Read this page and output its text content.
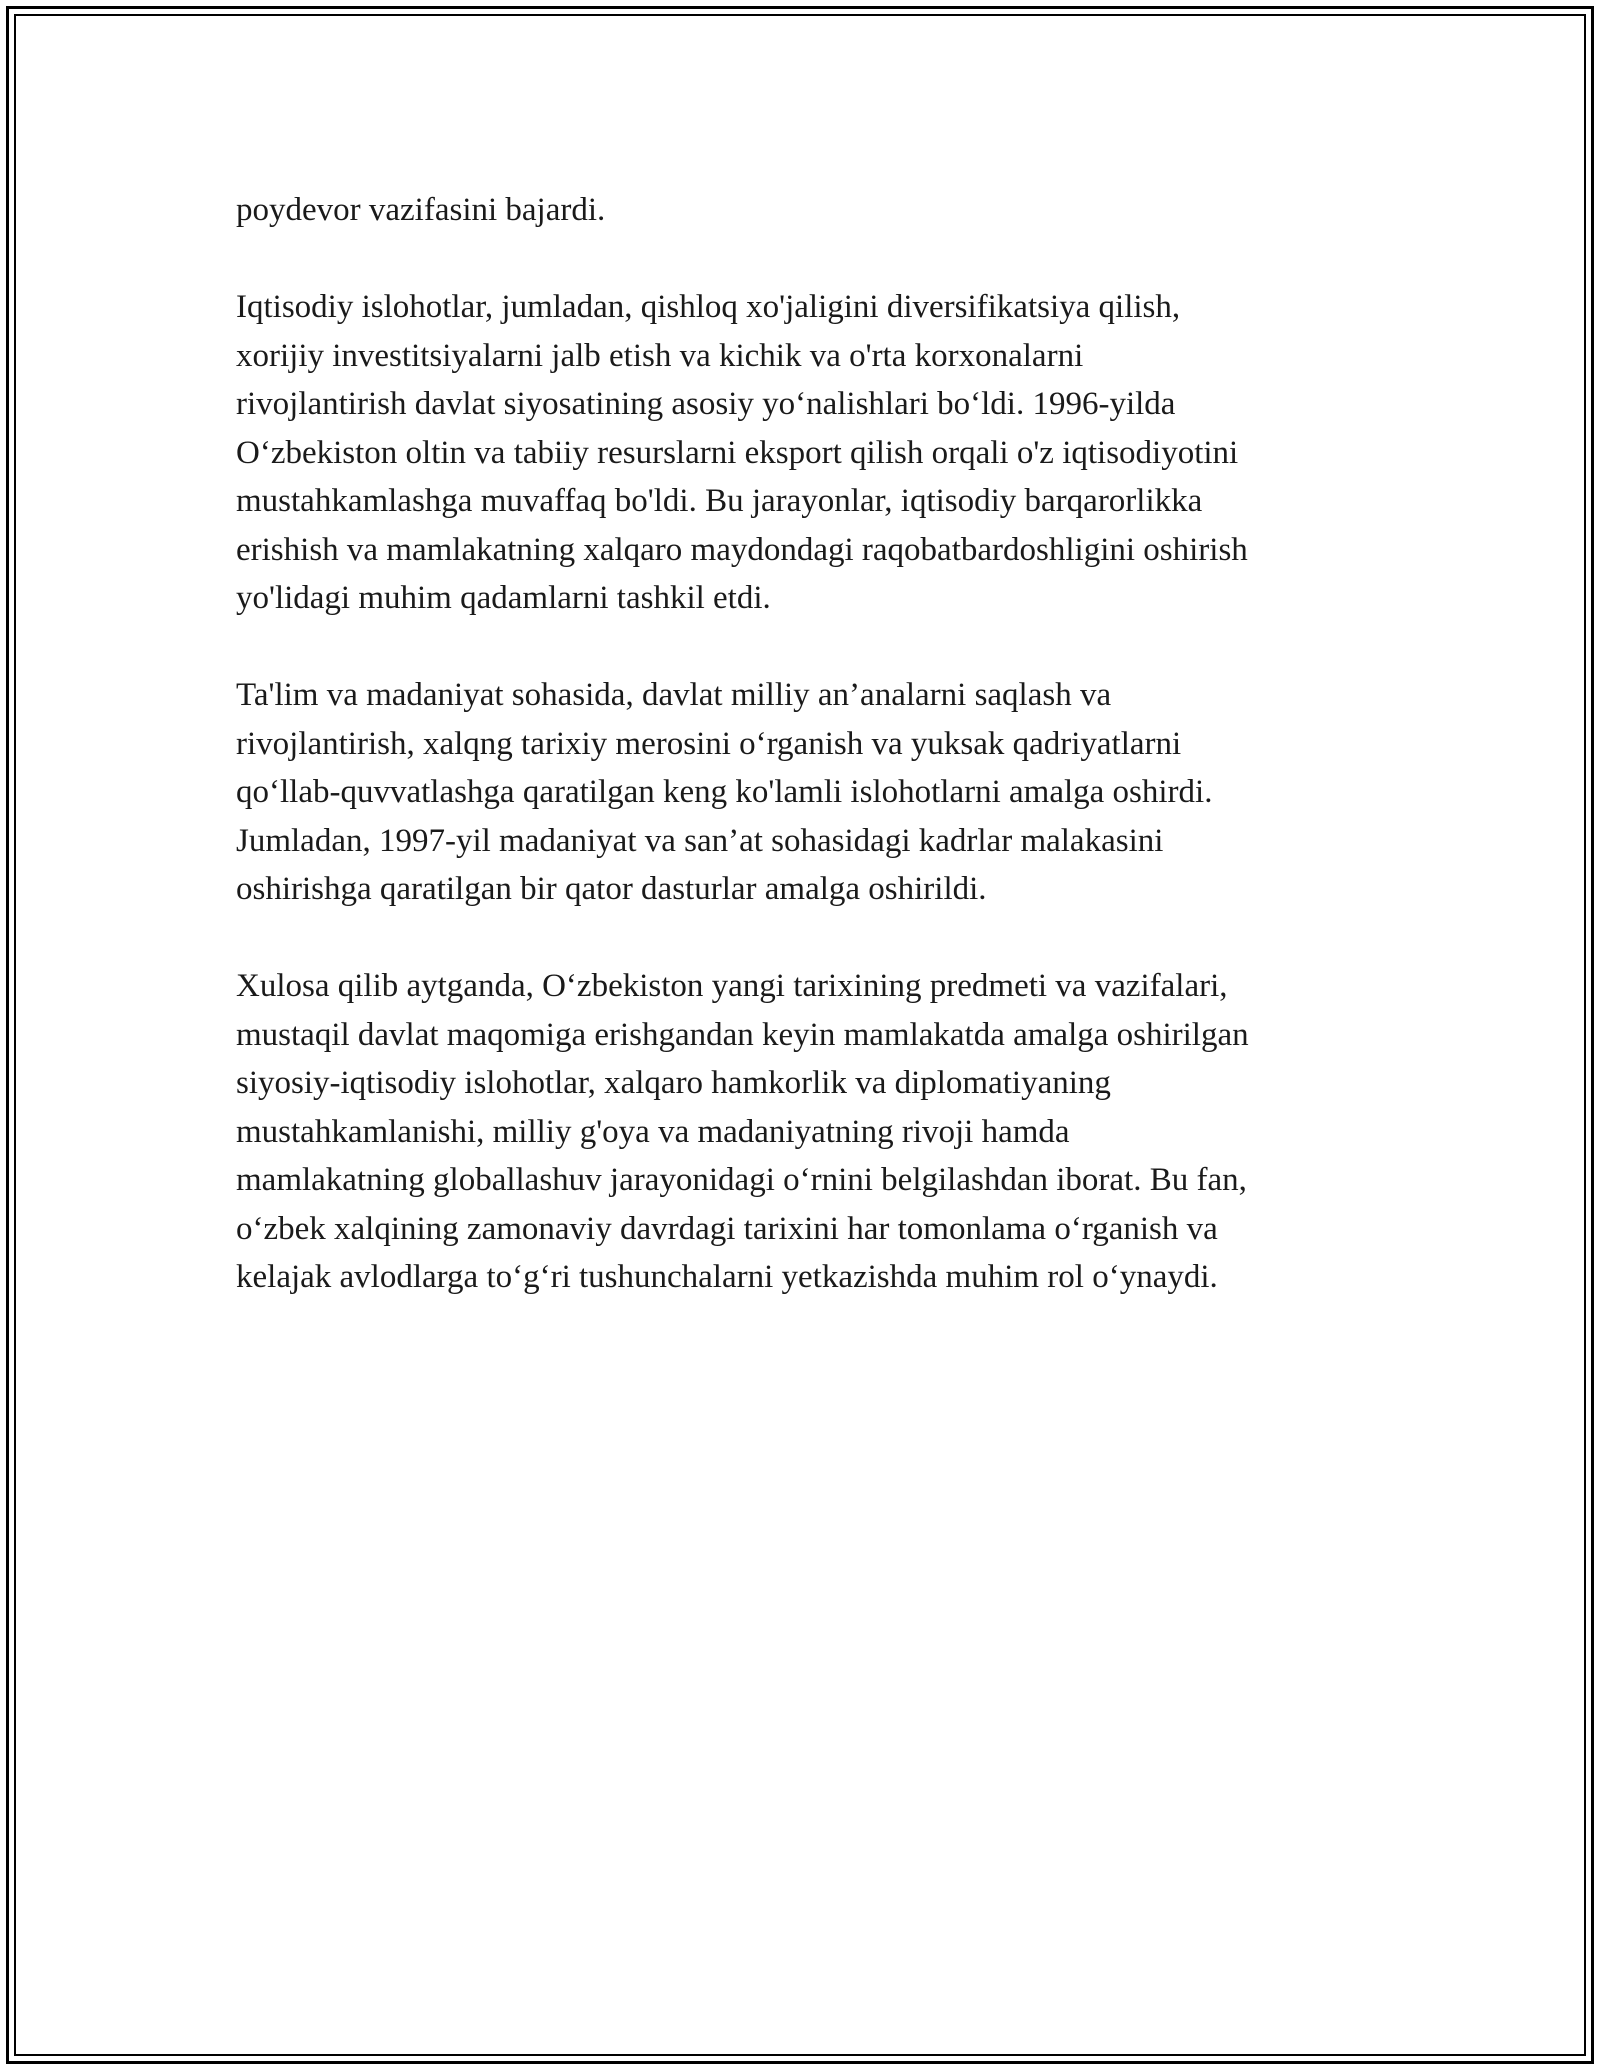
poydevor vazifasini bajardi.
Iqtisodiy islohotlar, jumladan, qishloq xo'jaligini diversifikatsiya qilish,
xorijiy investitsiyalarni jalb etish va kichik va o'rta korxonalarni
rivojlantirish davlat siyosatining asosiy yoʻnalishlari boʻldi. 1996-yilda
Oʻzbekiston oltin va tabiiy resurslarni eksport qilish orqali o'z iqtisodiyotini
mustahkamlashga muvaffaq bo'ldi. Bu jarayonlar, iqtisodiy barqarorlikka
erishish va mamlakatning xalqaro maydondagi raqobatbardoshligini oshirish
yo'lidagi muhim qadamlarni tashkil etdi.
Ta'lim va madaniyat sohasida, davlat milliy an’analarni saqlash va
rivojlantirish, xalqng tarixiy merosini oʻrganish va yuksak qadriyatlarni
qoʻllab-quvvatlashga qaratilgan keng ko'lamli islohotlarni amalga oshirdi.
Jumladan, 1997-yil madaniyat va san’at sohasidagi kadrlar malakasini
oshirishga qaratilgan bir qator dasturlar amalga oshirildi.
Xulosa qilib aytganda, Oʻzbekiston yangi tarixining predmeti va vazifalari,
mustaqil davlat maqomiga erishgandan keyin mamlakatda amalga oshirilgan
siyosiy-iqtisodiy islohotlar, xalqaro hamkorlik va diplomatiyaning
mustahkamlanishi, milliy g'oya va madaniyatning rivoji hamda
mamlakatning globallashuv jarayonidagi oʻrnini belgilashdan iborat. Bu fan,
oʻzbek xalqining zamonaviy davrdagi tarixini har tomonlama oʻrganish va
kelajak avlodlarga toʻgʻri tushunchalarni yetkazishda muhim rol oʻynaydi.
